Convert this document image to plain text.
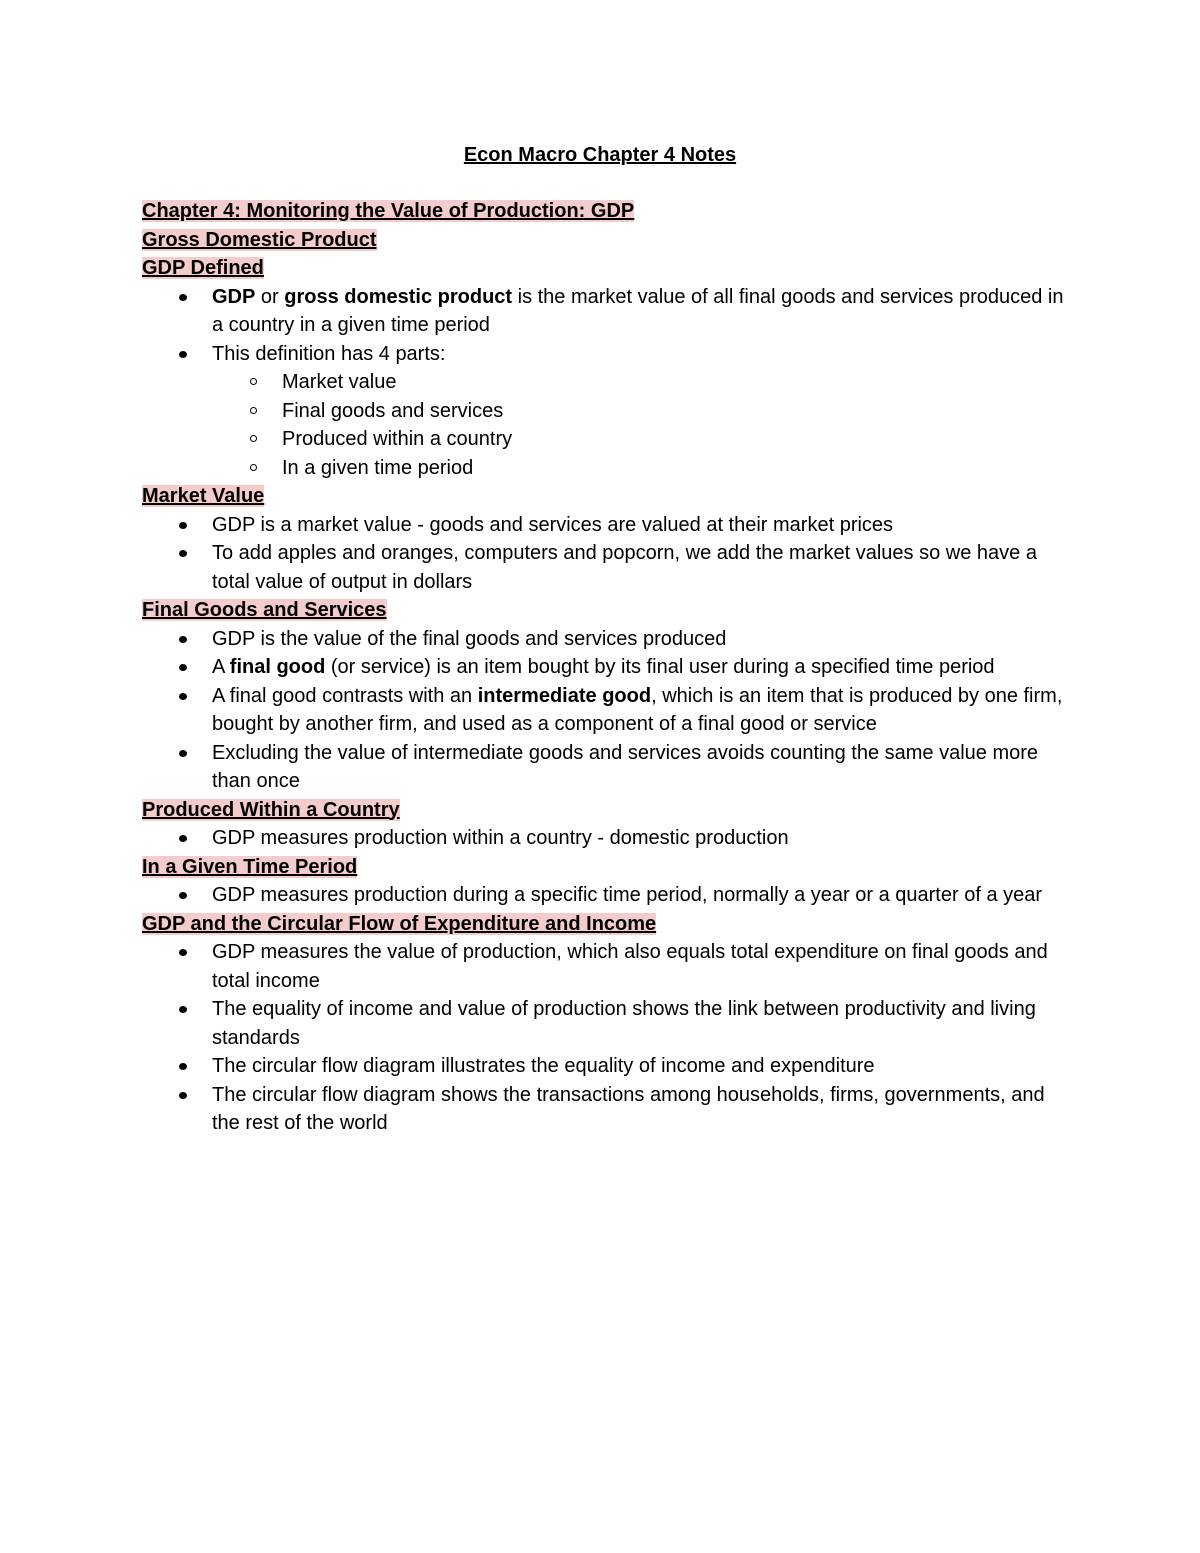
Econ Macro Chapter 4 Notes
Chapter 4: Monitoring the Value of Production: GDP
Gross Domestic Product
GDP Defined
GDP or gross domestic product is the market value of all final goods and services produced in a country in a given time period
This definition has 4 parts:
Market value
Final goods and services
Produced within a country
In a given time period
Market Value
GDP is a market value - goods and services are valued at their market prices
To add apples and oranges, computers and popcorn, we add the market values so we have a total value of output in dollars
Final Goods and Services
GDP is the value of the final goods and services produced
A final good (or service) is an item bought by its final user during a specified time period
A final good contrasts with an intermediate good, which is an item that is produced by one firm, bought by another firm, and used as a component of a final good or service
Excluding the value of intermediate goods and services avoids counting the same value more than once
Produced Within a Country
GDP measures production within a country - domestic production
In a Given Time Period
GDP measures production during a specific time period, normally a year or a quarter of a year
GDP and the Circular Flow of Expenditure and Income
GDP measures the value of production, which also equals total expenditure on final goods and total income
The equality of income and value of production shows the link between productivity and living standards
The circular flow diagram illustrates the equality of income and expenditure
The circular flow diagram shows the transactions among households, firms, governments, and the rest of the world
